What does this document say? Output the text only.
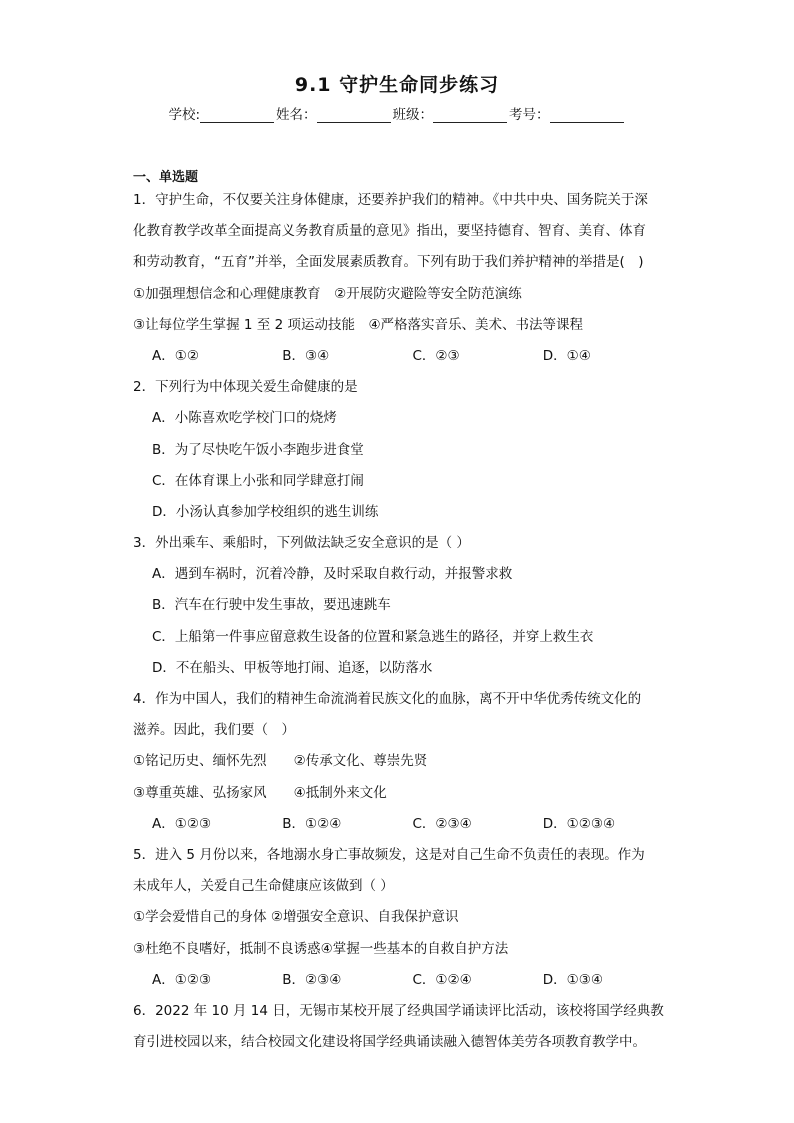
9.1 守护生命同步练习
学校:	姓名：	班级：	考号：
一、单选题
1．守护生命，不仅要关注身体健康，还要养护我们的精神。《中共中央、国务院关于深
化教育教学改革全面提高义务教育质量的意见》指出，要坚持德育、智育、美育、体育
和劳动教育，“五育”并举，全面发展素质教育。下列有助于我们养护精神的举措是(　)
①加强理想信念和心理健康教育　②开展防灾避险等安全防范演练
③让每位学生掌握 1 至 2 项运动技能　④严格落实音乐、美术、书法等课程
A．①②	B．③④	C．②③	D．①④
2．下列行为中体现关爱生命健康的是
A．小陈喜欢吃学校门口的烧烤
B．为了尽快吃午饭小李跑步进食堂
C．在体育课上小张和同学肆意打闹
D．小汤认真参加学校组织的逃生训练
3．外出乘车、乘船时，下列做法缺乏安全意识的是（ ）
A．遇到车祸时，沉着冷静，及时采取自救行动，并报警求救
B．汽车在行驶中发生事故，要迅速跳车
C．上船第一件事应留意救生设备的位置和紧急逃生的路径，并穿上救生衣
D．不在船头、甲板等地打闹、追逐，以防落水
4．作为中国人，我们的精神生命流淌着民族文化的血脉，离不开中华优秀传统文化的
滋养。因此，我们要（　）
①铭记历史、缅怀先烈　　②传承文化、尊崇先贤
③尊重英雄、弘扬家风　　④抵制外来文化
A．①②③	B．①②④	C．②③④	D．①②③④
5．进入 5 月份以来，各地溺水身亡事故频发，这是对自己生命不负责任的表现。作为
未成年人，关爱自己生命健康应该做到（ ）
①学会爱惜自己的身体 ②增强安全意识、自我保护意识
③杜绝不良嗜好，抵制不良诱惑④掌握一些基本的自救自护方法
A．①②③	B．②③④	C．①②④	D．①③④
6．2022 年 10 月 14 日，无锡市某校开展了经典国学诵读评比活动，该校将国学经典教
育引进校园以来，结合校园文化建设将国学经典诵读融入德智体美劳各项教育教学中。
